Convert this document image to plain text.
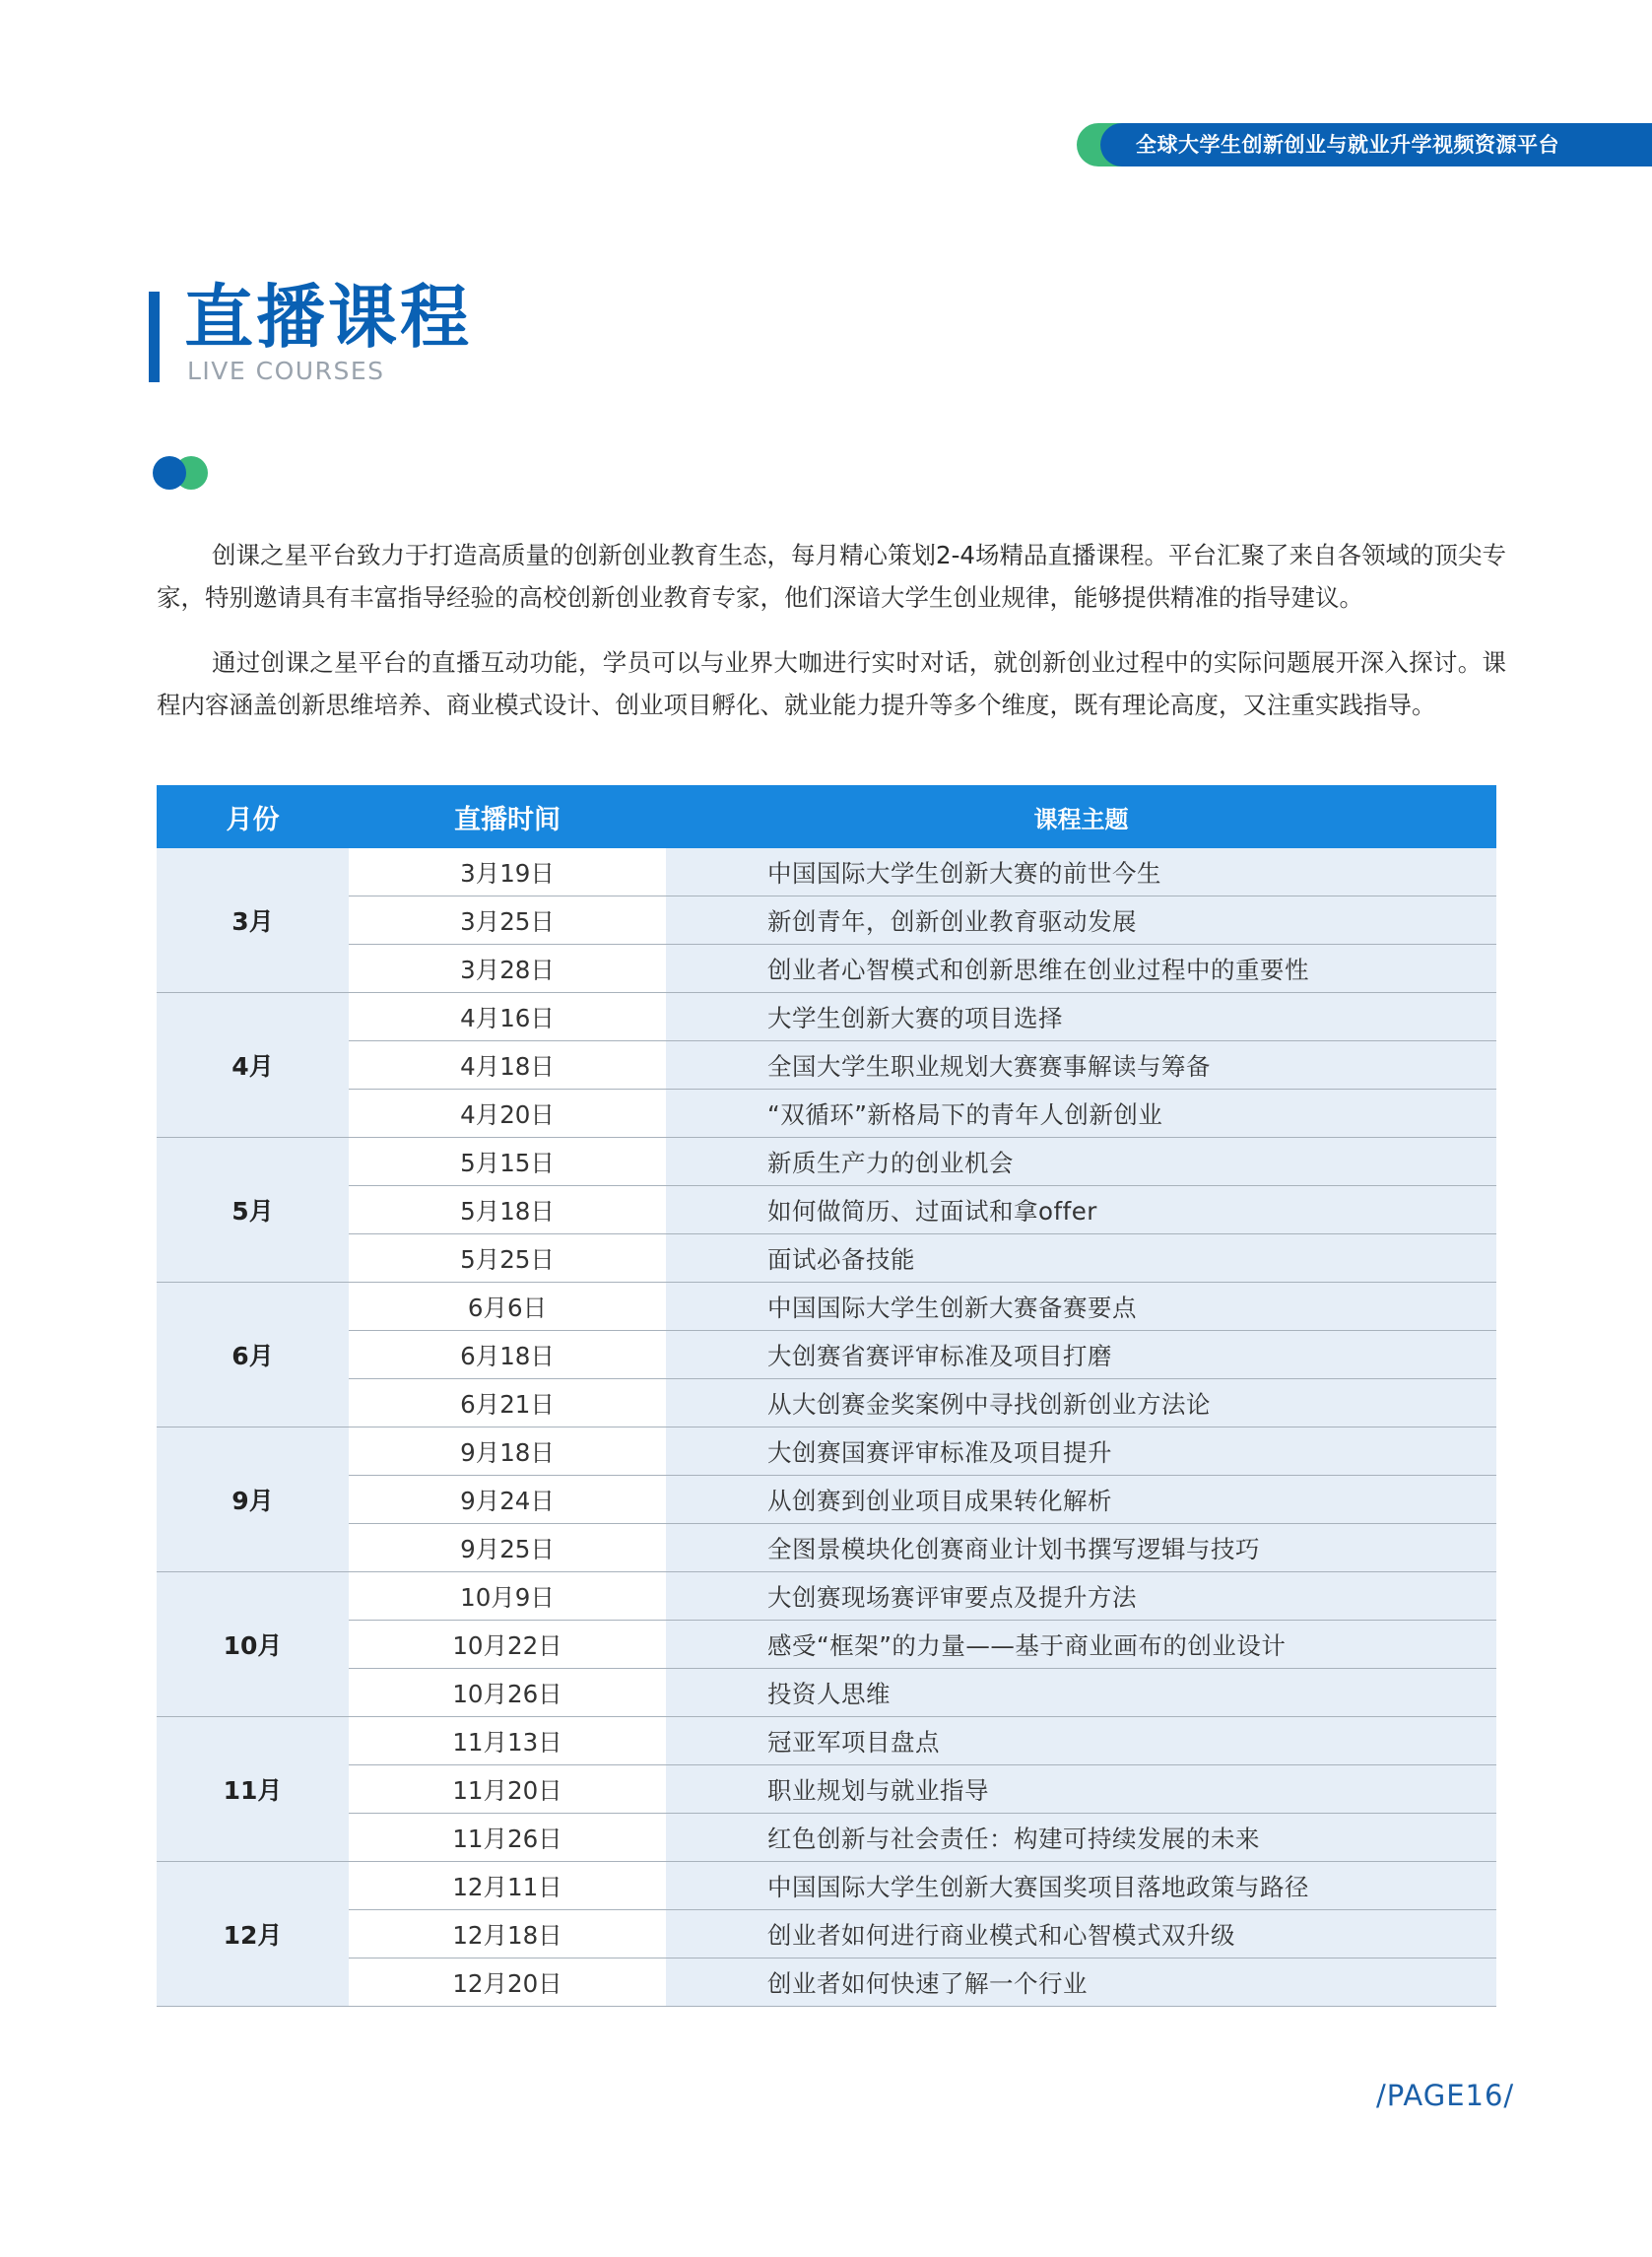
全球大学生创新创业与就业升学视频资源平台
直播课程
LIVE COURSES

创课之星平台致力于打造高质量的创新创业教育生态，每月精心策划2-4场精品直播课程。平台汇聚了来自各领域的顶尖专家，特别邀请具有丰富指导经验的高校创新创业教育专家，他们深谙大学生创业规律，能够提供精准的指导建议。

通过创课之星平台的直播互动功能，学员可以与业界大咖进行实时对话，就创新创业过程中的实际问题展开深入探讨。课程内容涵盖创新思维培养、商业模式设计、创业项目孵化、就业能力提升等多个维度，既有理论高度，又注重实践指导。

月份	直播时间	课程主题
3月	3月19日	中国国际大学生创新大赛的前世今生
	3月25日	新创青年，创新创业教育驱动发展
	3月28日	创业者心智模式和创新思维在创业过程中的重要性
4月	4月16日	大学生创新大赛的项目选择
	4月18日	全国大学生职业规划大赛赛事解读与筹备
	4月20日	“双循环”新格局下的青年人创新创业
5月	5月15日	新质生产力的创业机会
	5月18日	如何做简历、过面试和拿offer
	5月25日	面试必备技能
6月	6月6日	中国国际大学生创新大赛备赛要点
	6月18日	大创赛省赛评审标准及项目打磨
	6月21日	从大创赛金奖案例中寻找创新创业方法论
9月	9月18日	大创赛国赛评审标准及项目提升
	9月24日	从创赛到创业项目成果转化解析
	9月25日	全图景模块化创赛商业计划书撰写逻辑与技巧
10月	10月9日	大创赛现场赛评审要点及提升方法
	10月22日	感受“框架”的力量——基于商业画布的创业设计
	10月26日	投资人思维
11月	11月13日	冠亚军项目盘点
	11月20日	职业规划与就业指导
	11月26日	红色创新与社会责任：构建可持续发展的未来
12月	12月11日	中国国际大学生创新大赛国奖项目落地政策与路径
	12月18日	创业者如何进行商业模式和心智模式双升级
	12月20日	创业者如何快速了解一个行业
/PAGE16/
